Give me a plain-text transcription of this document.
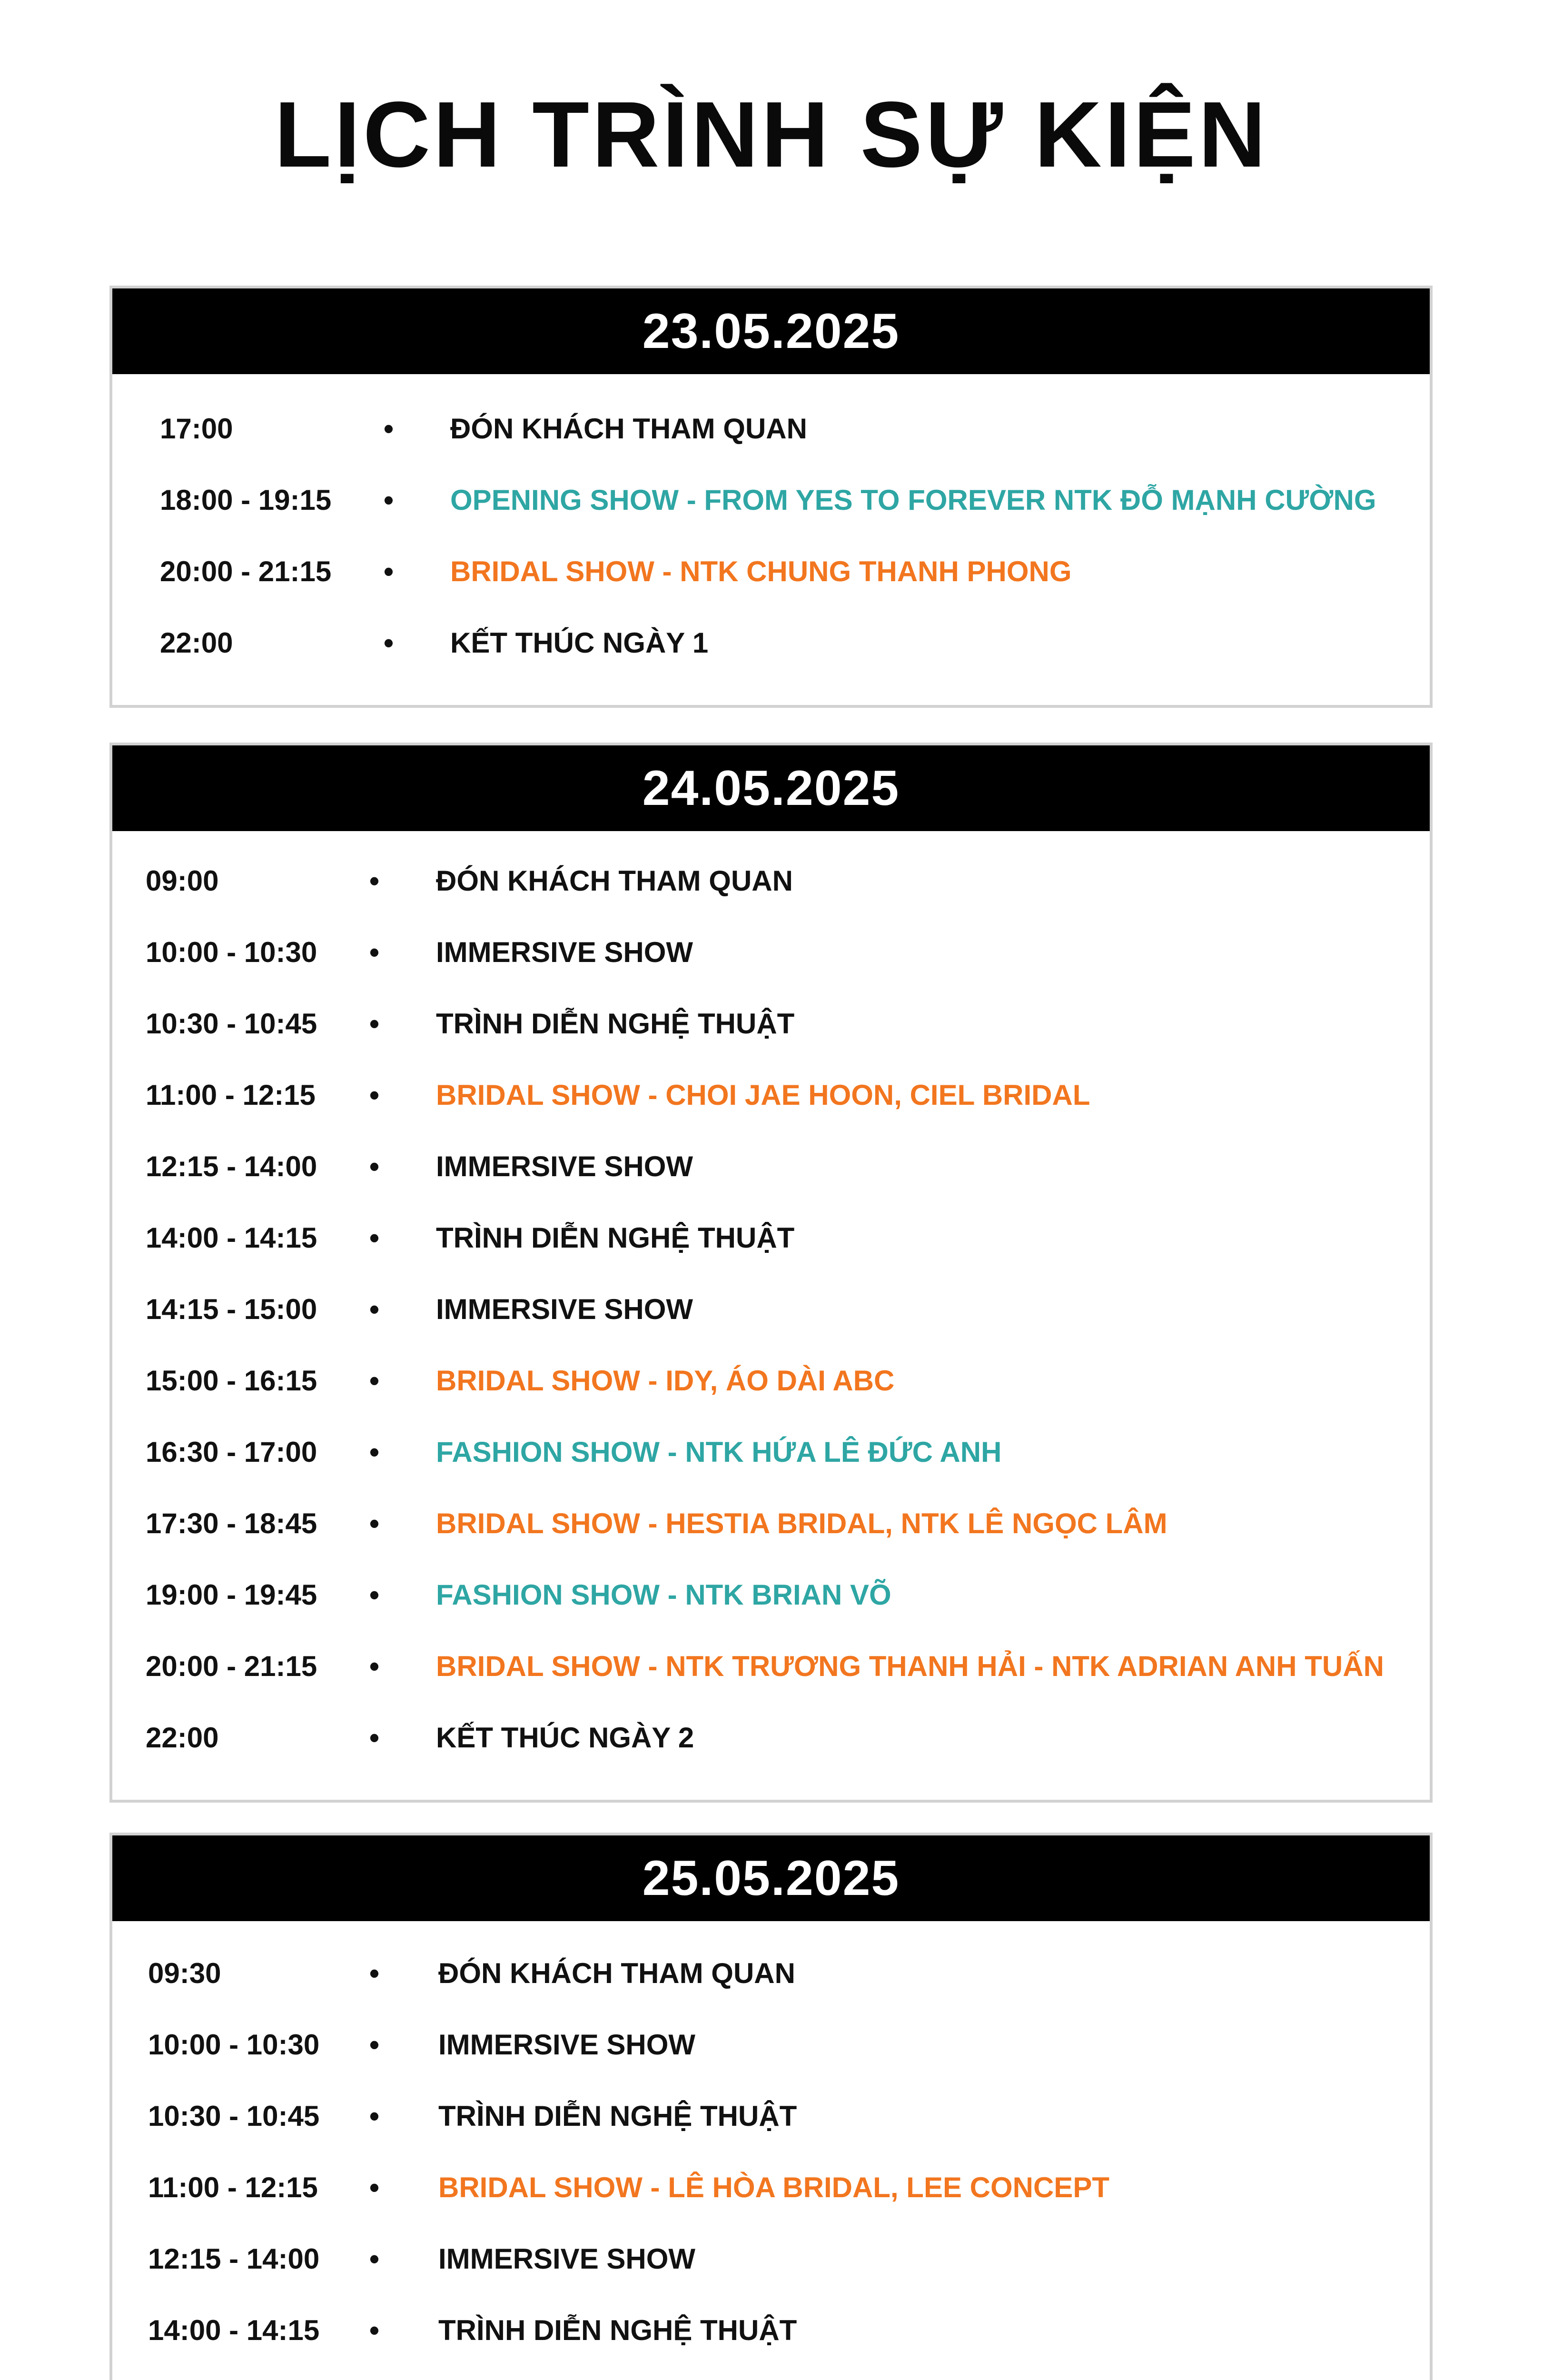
LỊCH TRÌNH SỰ KIỆN
23.05.2025
17:00	• ĐÓN KHÁCH THAM QUAN
18:00 - 19:15 • OPENING SHOW - FROM YES TO FOREVER NTK ĐỖ MẠNH CƯỜNG
20:00 - 21:15 • BRIDAL SHOW - NTK CHUNG THANH PHONG
22:00	• KẾT THÚC NGÀY 1
24.05.2025
09:00	• ĐÓN KHÁCH THAM QUAN
10:00 - 10:30 • IMMERSIVE SHOW
10:30 - 10:45 • TRÌNH DIỄN NGHỆ THUẬT
11:00 - 12:15 • BRIDAL SHOW - CHOI JAE HOON, CIEL BRIDAL
12:15 - 14:00 • IMMERSIVE SHOW
14:00 - 14:15 • TRÌNH DIỄN NGHỆ THUẬT
14:15 - 15:00 • IMMERSIVE SHOW
15:00 - 16:15 • BRIDAL SHOW - IDY, ÁO DÀI ABC
16:30 - 17:00 • FASHION SHOW - NTK HỨA LÊ ĐỨC ANH
17:30 - 18:45 • BRIDAL SHOW - HESTIA BRIDAL, NTK LÊ NGỌC LÂM
19:00 - 19:45 • FASHION SHOW - NTK BRIAN VÕ
20:00 - 21:15 • BRIDAL SHOW - NTK TRƯƠNG THANH HẢI - NTK ADRIAN ANH TUẤN
22:00	• KẾT THÚC NGÀY 2
25.05.2025
09:30	• ĐÓN KHÁCH THAM QUAN
10:00 - 10:30 • IMMERSIVE SHOW
10:30 - 10:45 • TRÌNH DIỄN NGHỆ THUẬT
11:00 - 12:15 • BRIDAL SHOW - LÊ HÒA BRIDAL, LEE CONCEPT
12:15 - 14:00 • IMMERSIVE SHOW
14:00 - 14:15 • TRÌNH DIỄN NGHỆ THUẬT
